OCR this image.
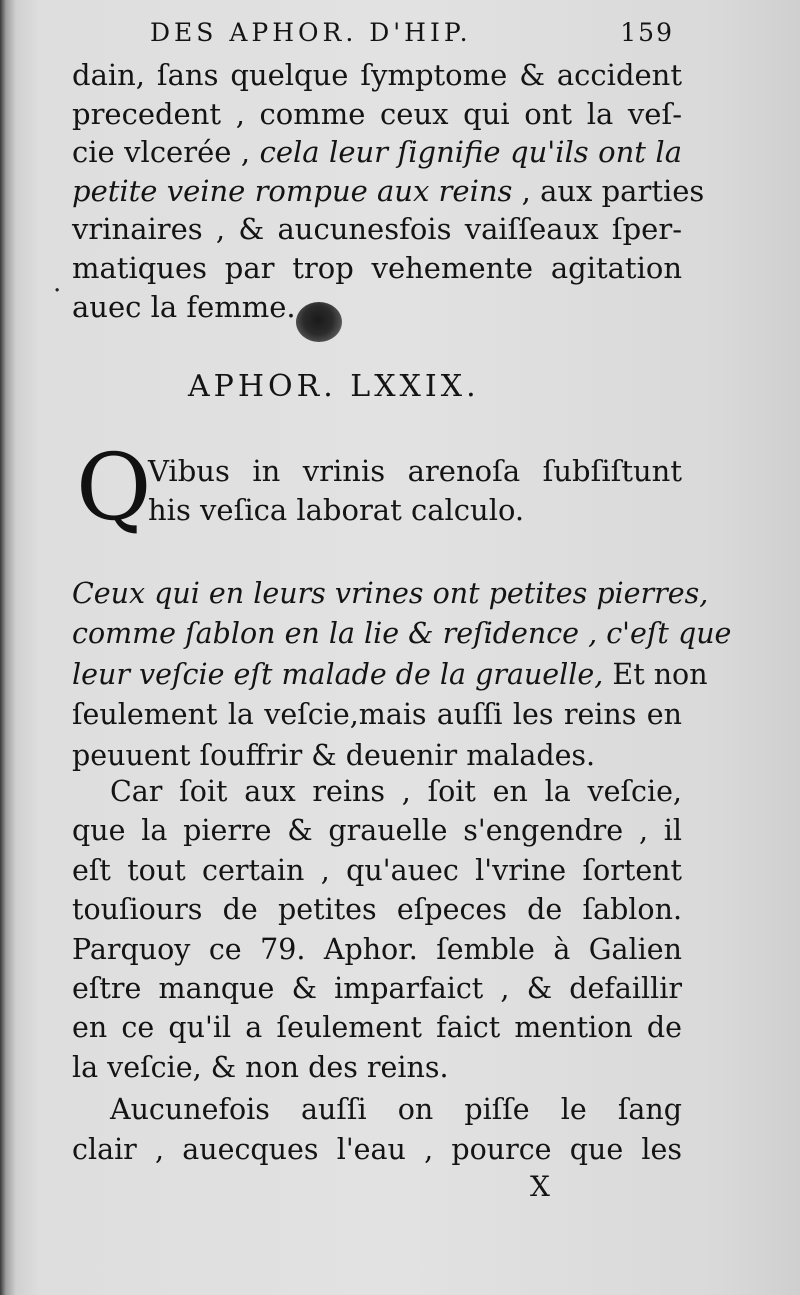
DES APHOR. D'HIP.	159
dain, ſans quelque ſymptome & accident
precedent , comme ceux qui ont la veſ-
cie vlcerée , cela leur ſignifie qu'ils ont la
petite veine rompue aux reins , aux parties
vrinaires , & aucunesfois vaiſſeaux ſper-
matiques par trop vehemente agitation
auec la femme.
.
APHOR. LXXIX.
Q
Vibus in vrinis arenoſa ſubſiſtunt
his veſica laborat calculo.
Ceux qui en leurs vrines ont petites pierres,
comme ſablon en la lie & reſidence , c'eſt que
leur veſcie eſt malade de la grauelle, Et non
ſeulement la veſcie,mais auſſi les reins en
peuuent ſouffrir & deuenir malades.
Car ſoit aux reins , ſoit en la veſcie,
que la pierre & grauelle s'engendre , il
eſt tout certain , qu'auec l'vrine ſortent
touſiours de petites eſpeces de ſablon.
Parquoy ce 79. Aphor. ſemble à Galien
eſtre manque & imparfaict , & defaillir
en ce qu'il a ſeulement faict mention de
la veſcie, & non des reins.
Aucunefois auſſi on piſſe le ſang
clair , auecques l'eau , pource que les
X
